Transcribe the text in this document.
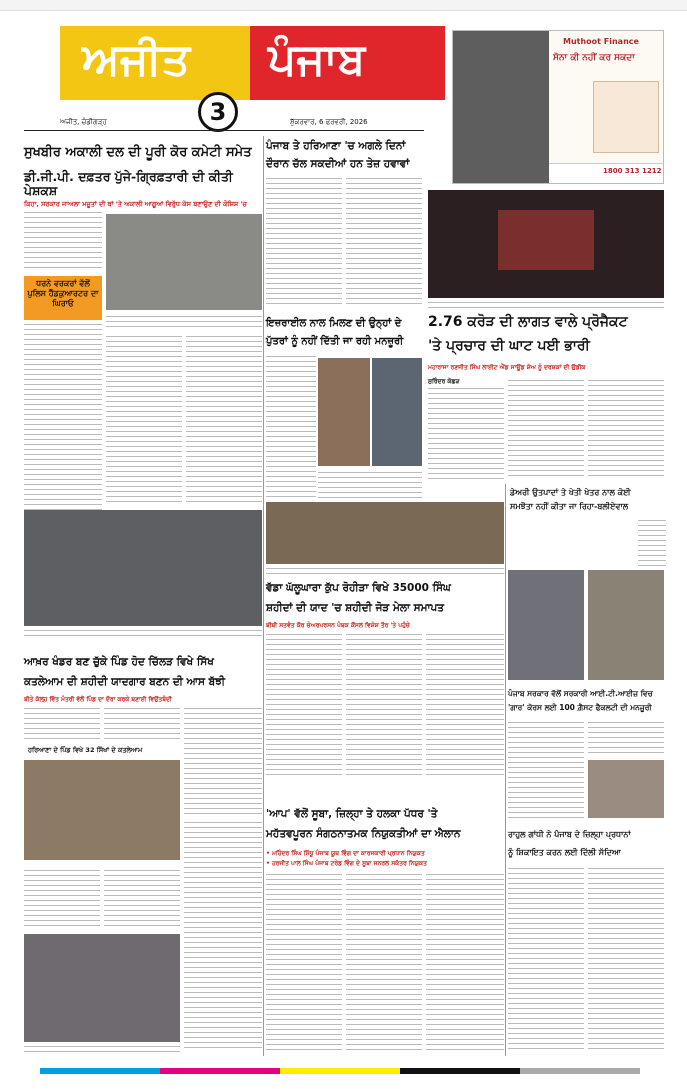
ਅਜੀਤ ਪੰਜਾਬ
3
ਅਜੀਤ, ਚੰਡੀਗੜ੍ਹ	ਸ਼ੁੱਕਰਵਾਰ, 6 ਫਰਵਰੀ, 2026
Muthoot Finance
ਸੋਨਾ ਕੀ ਨਹੀਂ ਕਰ ਸਕਦਾ
1800 313 1212
ਸੁਖਬੀਰ ਅਕਾਲੀ ਦਲ ਦੀ ਪੂਰੀ ਕੋਰ ਕਮੇਟੀ ਸਮੇਤ
ਡੀ.ਜੀ.ਪੀ. ਦਫ਼ਤਰ ਪੁੱਜੇ-ਗ੍ਰਿਫ਼ਤਾਰੀ ਦੀ ਕੀਤੀ ਪੇਸ਼ਕਸ਼
ਕਿਹਾ, ਸਰਕਾਰ ਜਾਅਲਾ ਮਜ਼ੂਤਾਂ ਦੀ ਥਾਂ 'ਤੇ ਅਕਾਲੀ ਆਗੂਆਂ ਵਿਰੁੱਧ ਕੇਸ ਬਣਾਉਣ ਦੀ ਕੋਸ਼ਿਸ਼ 'ਚ
ਧਰਨੇ ਵਰਕਰਾਂ ਵੱਲੋਂ ਪੁਲਿਸ ਹੈੱਡਕੁਆਰਟਰ ਦਾ ਘਿਰਾਓ
ਪੰਜਾਬ ਤੇ ਹਰਿਆਣਾ 'ਚ ਅਗਲੇ ਦਿਨਾਂ
ਦੌਰਾਨ ਚੱਲ ਸਕਦੀਆਂ ਹਨ ਤੇਜ਼ ਹਵਾਵਾਂ
ਇਜ਼ਰਾਈਲ ਨਾਲ ਮਿਲਣ ਦੀ ਉਨ੍ਹਾਂ ਦੇ
ਪੁੱਤਰਾਂ ਨੂੰ ਨਹੀਂ ਦਿੱਤੀ ਜਾ ਰਹੀ ਮਨਜ਼ੂਰੀ
2.76 ਕਰੋੜ ਦੀ ਲਾਗਤ ਵਾਲੇ ਪ੍ਰੋਜੈਕਟ
'ਤੇ ਪ੍ਰਚਾਰ ਦੀ ਘਾਟ ਪਈ ਭਾਰੀ
ਮਹਾਰਾਜਾ ਰਣਜੀਤ ਸਿੰਘ ਲਾਈਟ ਐਂਡ ਸਾਊਂਡ ਸ਼ੋਅ ਨੂੰ ਦਰਸ਼ਕਾਂ ਦੀ ਉਡੀਕ
ਸੁਰਿੰਦਰ ਕੋਛੜ
ਡੇਅਰੀ ਉਤਪਾਦਾਂ ਤੇ ਖੇਤੀ ਖੇਤਰ ਨਾਲ ਕੋਈ
ਸਮਝੌਤਾ ਨਹੀਂ ਕੀਤਾ ਜਾ ਰਿਹਾ-ਬਲੀਏਵਾਲ
ਵੱਡਾ ਘੱਲੂਘਾਰਾ ਕੁੱਪ ਰੋਹੀੜਾ ਵਿਖੇ 35000 ਸਿੰਘ
ਸ਼ਹੀਦਾਂ ਦੀ ਯਾਦ 'ਚ ਸ਼ਹੀਦੀ ਜੋੜ ਮੇਲਾ ਸਮਾਪਤ
ਬੀਬੀ ਸਤਵੰਤ ਕੌਰ ਚੇਅਰਪਰਸਨ ਪੰਥਕ ਕੌਂਸਲ ਵਿਸ਼ੇਸ਼ ਤੌਰ 'ਤੇ ਪਹੁੰਚੇ
ਆਖ਼ਰ ਖੰਡਰ ਬਣ ਚੁੱਕੇ ਪਿੰਡ ਹੋਦ ਚਿੱਲੜ ਵਿਖੇ ਸਿੱਖ
ਕਤਲੇਆਮ ਦੀ ਸ਼ਹੀਦੀ ਯਾਦਗਾਰ ਬਣਨ ਦੀ ਆਸ ਬੱਝੀ
ਬੀਤੇ ਕੱਲ੍ਹ ਵਿੱਤ ਮੰਤਰੀ ਵੱਲੋਂ ਪਿੰਡ ਦਾ ਦੌਰਾ ਕਰਕੇ ਬਣਾਈ ਵਿਉਂਤਬੰਦੀ
ਹਰਿਆਣਾ ਦੇ ਪਿੰਡ ਵਿਖੇ 32 ਸਿੱਖਾਂ ਦੇ ਕਤਲੇਆਮ
'ਆਪ' ਵੱਲੋਂ ਸੂਬਾ, ਜ਼ਿਲ੍ਹਾ ਤੇ ਹਲਕਾ ਪੱਧਰ 'ਤੇ
ਮਹੱਤਵਪੂਰਨ ਸੰਗਠਨਾਤਮਕ ਨਿਯੁਕਤੀਆਂ ਦਾ ਐਲਾਨ
• ਮਹਿੰਦਰ ਸਿੰਘ ਸਿੱਧੂ ਪੰਜਾਬ ਯੂਥ ਵਿੰਗ ਦਾ ਕਾਰਜਕਾਰੀ ਪ੍ਰਧਾਨ ਨਿਯੁਕਤ
• ਹਰਜੀਤ ਪਾਲ ਸਿੰਘ ਪੰਜਾਬ ਟਰੇਡ ਵਿੰਗ ਦੇ ਸੂਬਾ ਜਨਰਲ ਸਕੱਤਰ ਨਿਯੁਕਤ
ਪੰਜਾਬ ਸਰਕਾਰ ਵੱਲੋਂ ਸਰਕਾਰੀ ਆਈ.ਟੀ.ਆਈਜ਼ ਵਿਚ
'ਗਾਰ' ਕੋਰਸ ਲਈ 100 ਗ਼ੈਸਟ ਫੈਕਲਟੀ ਦੀ ਮਨਜ਼ੂਰੀ
ਰਾਹੁਲ ਗਾਂਧੀ ਨੇ ਪੰਜਾਬ ਦੇ ਜ਼ਿਲ੍ਹਾ ਪ੍ਰਧਾਨਾਂ
ਨੂੰ ਸ਼ਿਕਾਇਤ ਕਰਨ ਲਈ ਦਿੱਲੀ ਸੱਦਿਆ
